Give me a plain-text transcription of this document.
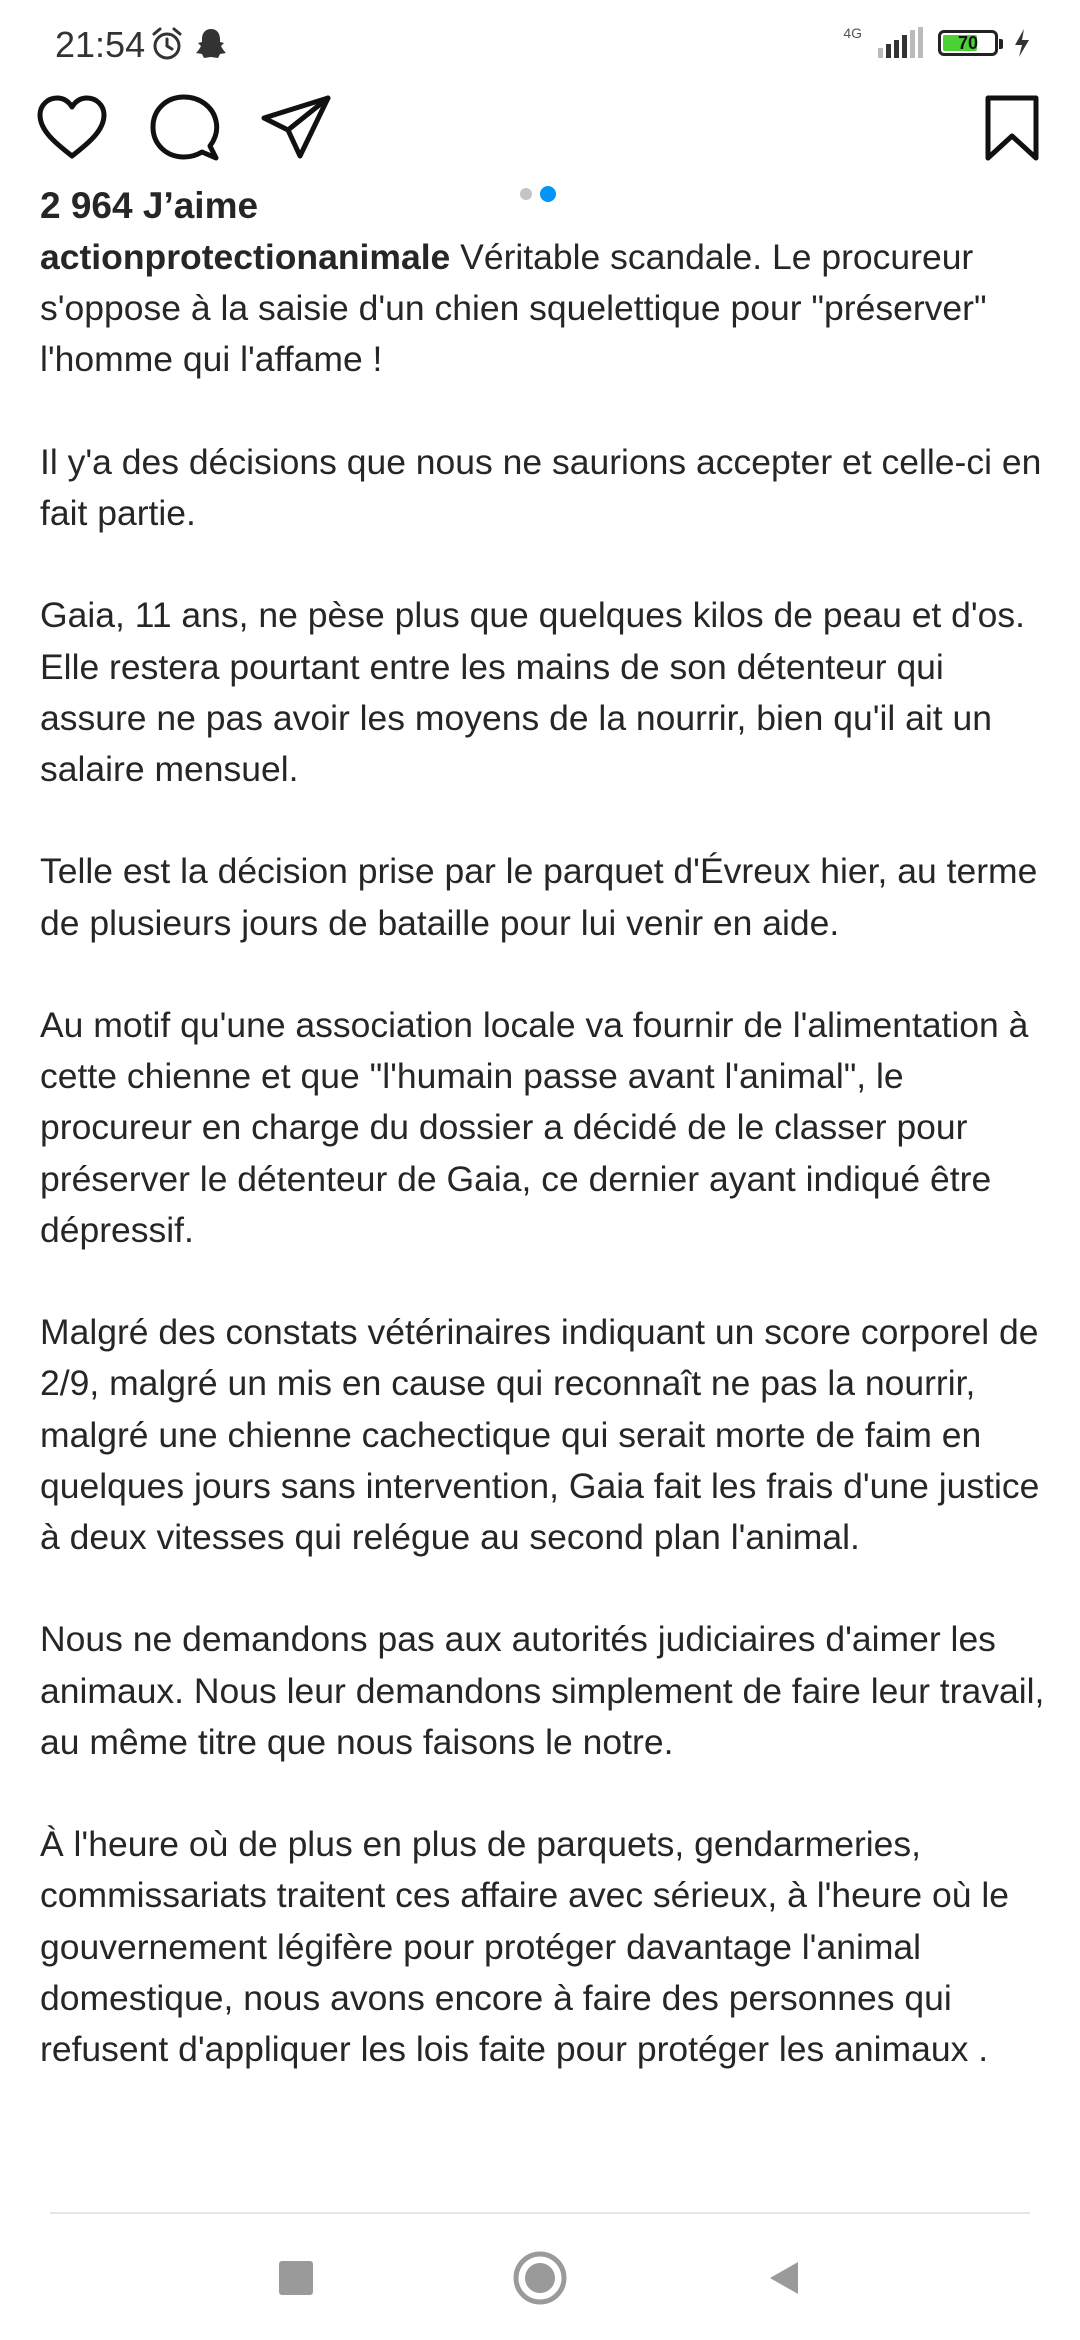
21:54	4G	70
2 964 J’aime

actionprotectionanimale Véritable scandale. Le procureur s'oppose à la saisie d'un chien squelettique pour "préserver" l'homme qui l'affame !

Il y'a des décisions que nous ne saurions accepter et celle-ci en fait partie.

Gaia, 11 ans, ne pèse plus que quelques kilos de peau et d'os. Elle restera pourtant entre les mains de son détenteur qui assure ne pas avoir les moyens de la nourrir, bien qu'il ait un salaire mensuel.

Telle est la décision prise par le parquet d'Évreux hier, au terme de plusieurs jours de bataille pour lui venir en aide.

Au motif qu'une association locale va fournir de l'alimentation à cette chienne et que "l'humain passe avant l'animal", le procureur en charge du dossier a décidé de le classer pour préserver le détenteur de Gaia, ce dernier ayant indiqué être dépressif.

Malgré des constats vétérinaires indiquant un score corporel de 2/9, malgré un mis en cause qui reconnaît ne pas la nourrir, malgré une chienne cachectique qui serait morte de faim en quelques jours sans intervention, Gaia fait les frais d'une justice à deux vitesses qui relégue au second plan l'animal.

Nous ne demandons pas aux autorités judiciaires d'aimer les animaux. Nous leur demandons simplement de faire leur travail, au même titre que nous faisons le notre.

À l'heure où de plus en plus de parquets, gendarmeries, commissariats traitent ces affaire avec sérieux, à l'heure où le gouvernement légifère pour protéger davantage l'animal domestique, nous avons encore à faire des personnes qui refusent d'appliquer les lois faite pour protéger les animaux .
